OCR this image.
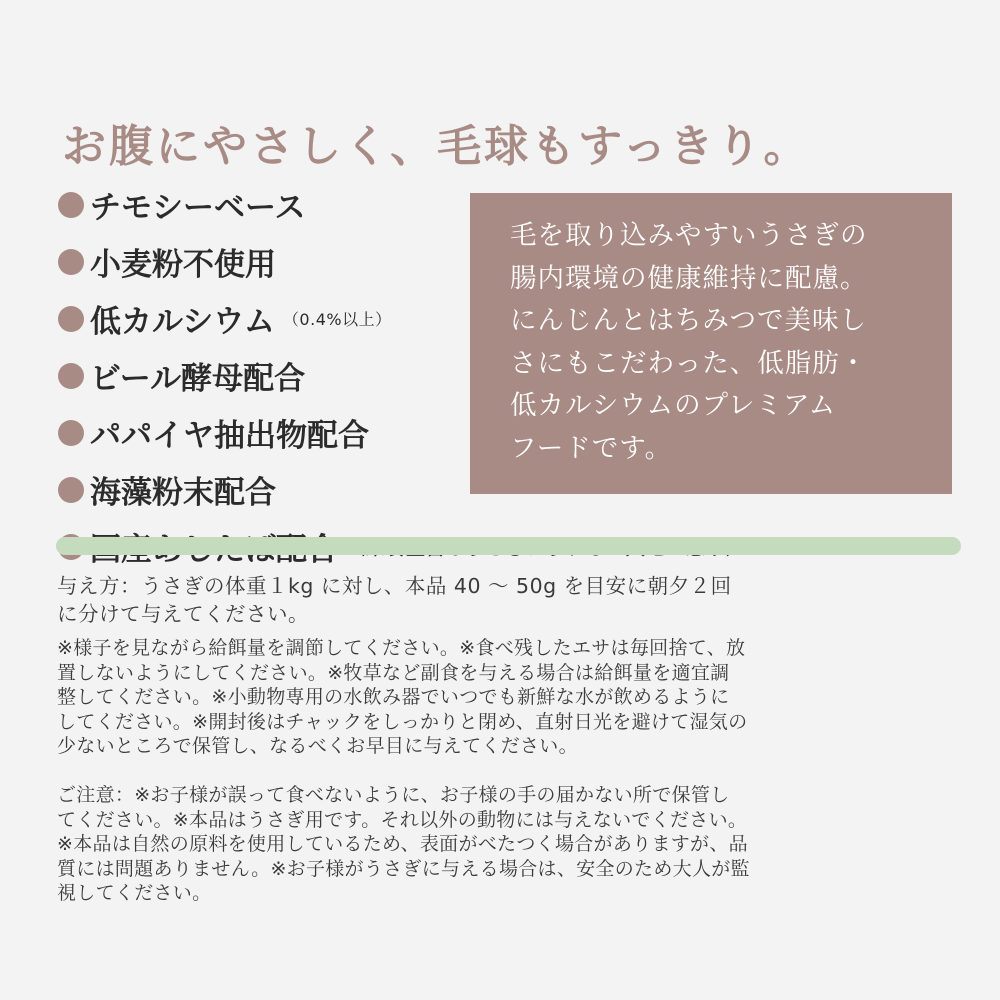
お腹にやさしく、毛球もすっきり。
チモシーベース
小麦粉不使用
低カルシウム （0.4%以上）
ビール酵母配合
パパイヤ抽出物配合
海藻粉末配合
毛を取り込みやすいうさぎの
腸内環境の健康維持に配慮。
にんじんとはちみつで美味し
さにもこだわった、低脂肪・
低カルシウムのプレミアム
フードです。
与え方：うさぎの体重１kg に対し、本品 40 〜 50g を目安に朝夕２回
に分けて与えてください。
※様子を見ながら給餌量を調節してください。※食べ残したエサは毎回捨て、放
置しないようにしてください。※牧草など副食を与える場合は給餌量を適宜調
整してください。※小動物専用の水飲み器でいつでも新鮮な水が飲めるように
してください。※開封後はチャックをしっかりと閉め、直射日光を避けて湿気の
少ないところで保管し、なるべくお早目に与えてください。
ご注意：※お子様が誤って食べないように、お子様の手の届かない所で保管し
てください。※本品はうさぎ用です。それ以外の動物には与えないでください。
※本品は自然の原料を使用しているため、表面がべたつく場合がありますが、品
質には問題ありません。※お子様がうさぎに与える場合は、安全のため大人が監
視してください。
